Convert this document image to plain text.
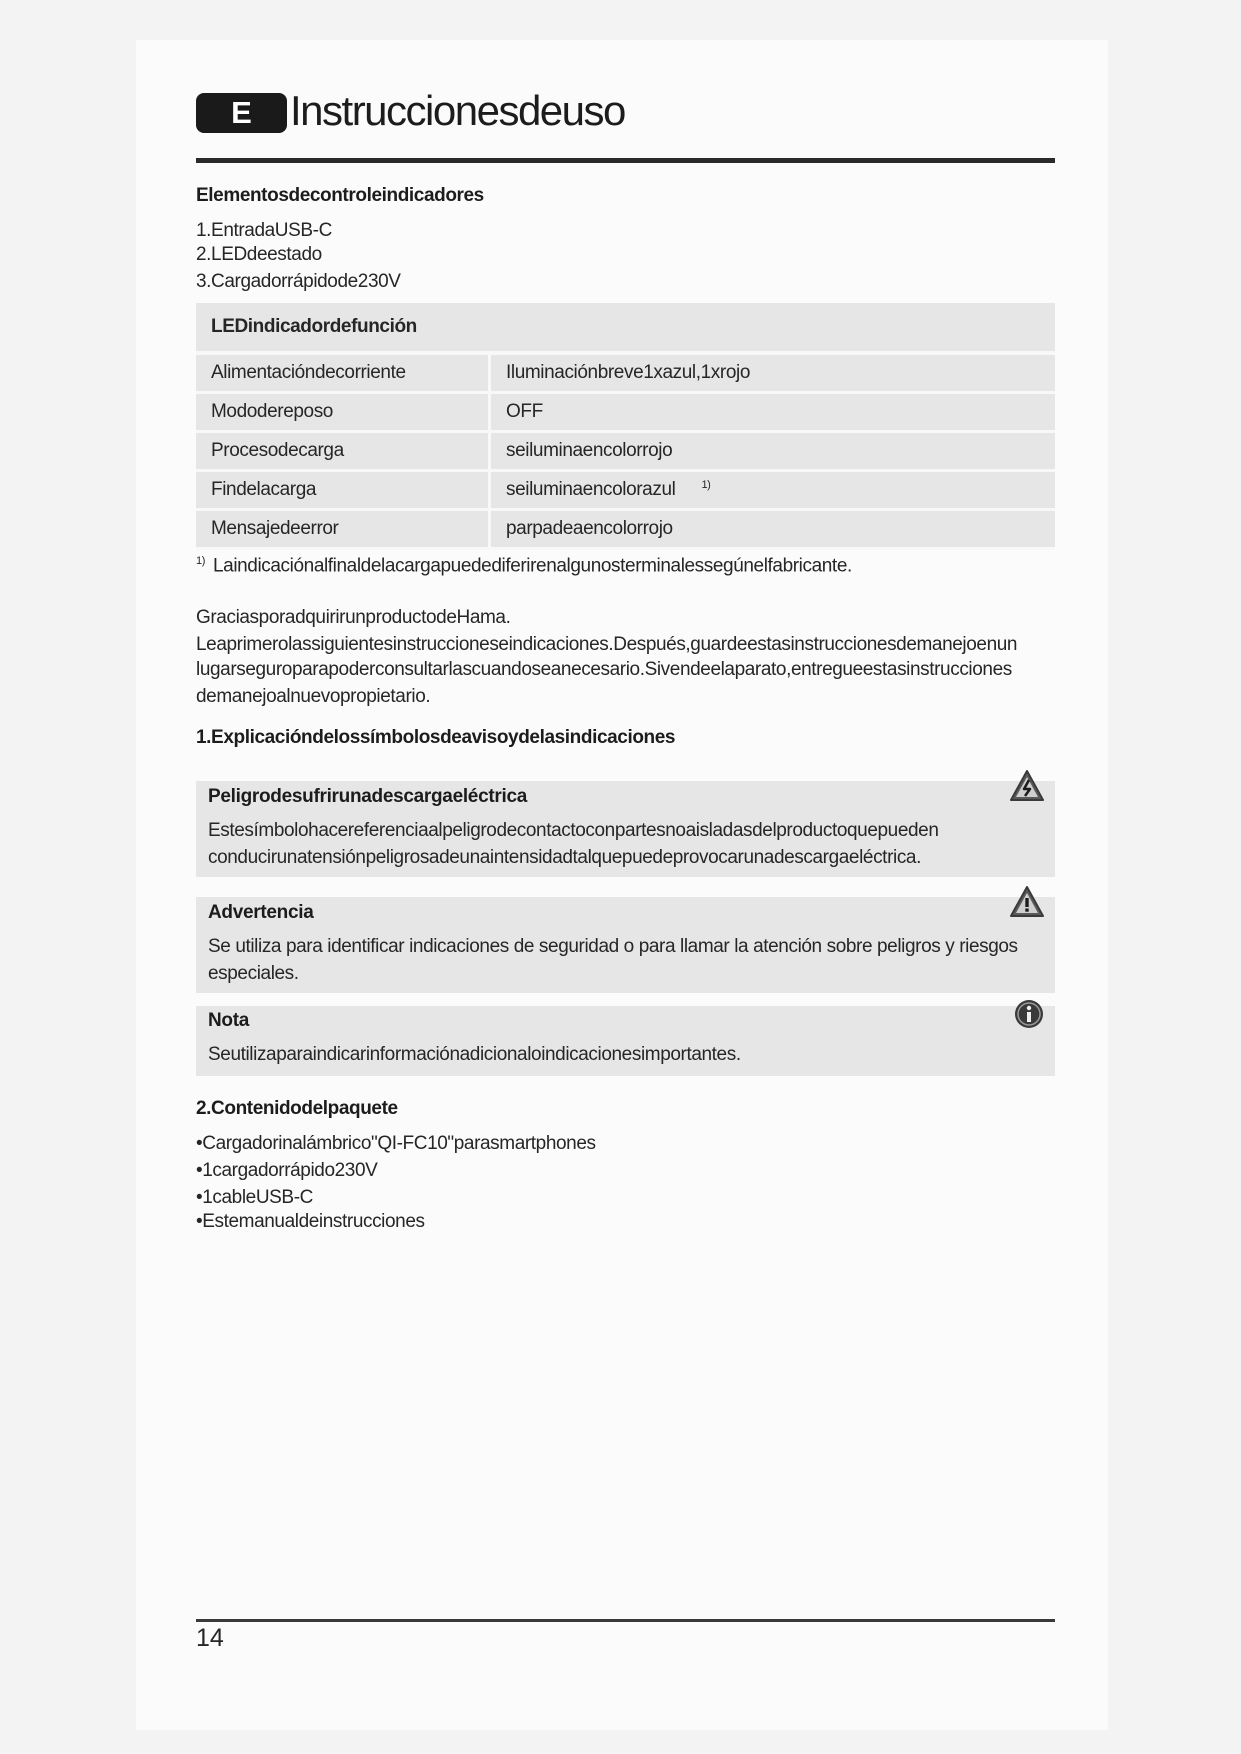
E Instruccionesdeuso
Elementosdecontroleindicadores
1.EntradaUSB-C
2.LEDdeestado
3.Cargadorrápidode230V
LEDindicadordefunción	
Alimentacióndecorriente	Iluminaciónbreve1xazul,1xrojo
Mododereposo	OFF
Procesodecarga	seiluminaencolorrojo
Findelacarga	seiluminaencolorazul $^{1)}$
Mensajedeerror	parpadeaencolorrojo
$^{1)}$ Laindicaciónalfinaldelacargapuedediferirenalgunosterminalessegúnelfabricante.
GraciasporadquirirunproductodeHama.
Leaprimerolassiguientesinstruccioneseindicaciones.Después,guardeestasinstruccionesdemanejoenun
lugarseguroparapoderconsultarlascuandoseanecesario.Sivendeelaparato,entregueestasinstrucciones
demanejoalnuevopropietario.
1.Explicacióndelossímbolosdeavisoydelasindicaciones
Peligrodesufrirunadescargaeléctrica
Estesímbolohacereferenciaalpeligrodecontactoconpartesnoaisladasdelproductoquepueden
conducirunatensiónpeligrosadeunaintensidadtalquepuedeprovocarunadescargaeléctrica.
Advertencia
Se utiliza para identificar indicaciones de seguridad o para llamar la atención sobre peligros y riesgos
especiales.
Nota
Seutilizaparaindicarinformaciónadicionaloindicacionesimportantes.
2.Contenidodelpaquete
•Cargadorinalámbrico"QI-FC10"parasmartphones
•1cargadorrápido230V
•1cableUSB-C
•Estemanualdeinstrucciones
14
